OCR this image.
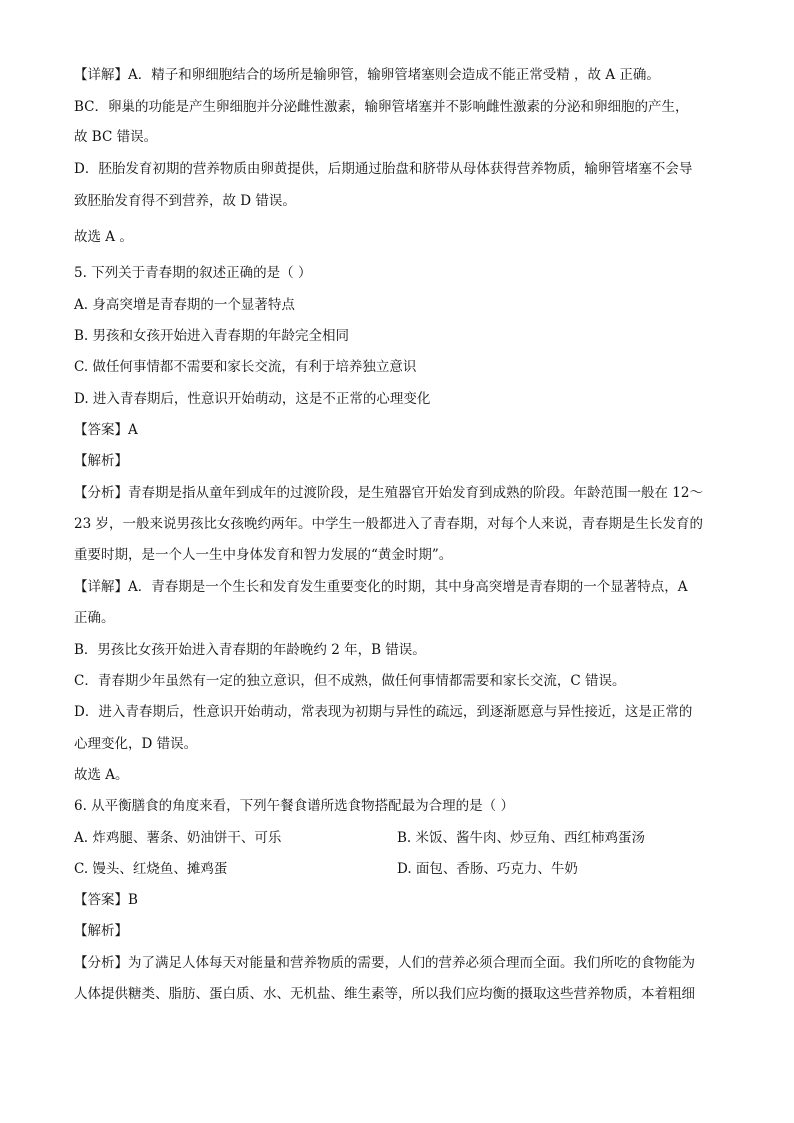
【详解】A．精子和卵细胞结合的场所是输卵管，输卵管堵塞则会造成不能正常受精 ，故 A 正确。
BC．卵巢的功能是产生卵细胞并分泌雌性激素，输卵管堵塞并不影响雌性激素的分泌和卵细胞的产生，
故 BC 错误。
D．胚胎发育初期的营养物质由卵黄提供，后期通过胎盘和脐带从母体获得营养物质，输卵管堵塞不会导
致胚胎发育得不到营养，故 D 错误。
故选 A 。
5. 下列关于青春期的叙述正确的是（ ）
A. 身高突增是青春期的一个显著特点
B. 男孩和女孩开始进入青春期的年龄完全相同
C. 做任何事情都不需要和家长交流，有利于培养独立意识
D. 进入青春期后，性意识开始萌动，这是不正常的心理变化
【答案】A
【解析】
【分析】青春期是指从童年到成年的过渡阶段，是生殖器官开始发育到成熟的阶段。年龄范围一般在 12～
23 岁，一般来说男孩比女孩晚约两年。中学生一般都进入了青春期，对每个人来说，青春期是生长发育的
重要时期，是一个人一生中身体发育和智力发展的“黄金时期”。
【详解】A．青春期是一个生长和发育发生重要变化的时期，其中身高突增是青春期的一个显著特点，A
正确。
B．男孩比女孩开始进入青春期的年龄晚约 2 年，B 错误。
C．青春期少年虽然有一定的独立意识，但不成熟，做任何事情都需要和家长交流，C 错误。
D．进入青春期后，性意识开始萌动，常表现为初期与异性的疏远，到逐渐愿意与异性接近，这是正常的
心理变化，D 错误。
故选 A。
6. 从平衡膳食的角度来看，下列午餐食谱所选食物搭配最为合理的是（ ）
A. 炸鸡腿、薯条、奶油饼干、可乐	B. 米饭、酱牛肉、炒豆角、西红柿鸡蛋汤
C. 馒头、红烧鱼、摊鸡蛋	D. 面包、香肠、巧克力、牛奶
【答案】B
【解析】
【分析】为了满足人体每天对能量和营养物质的需要，人们的营养必须合理而全面。我们所吃的食物能为
人体提供糖类、脂肪、蛋白质、水、无机盐、维生素等，所以我们应均衡的摄取这些营养物质，本着粗细
